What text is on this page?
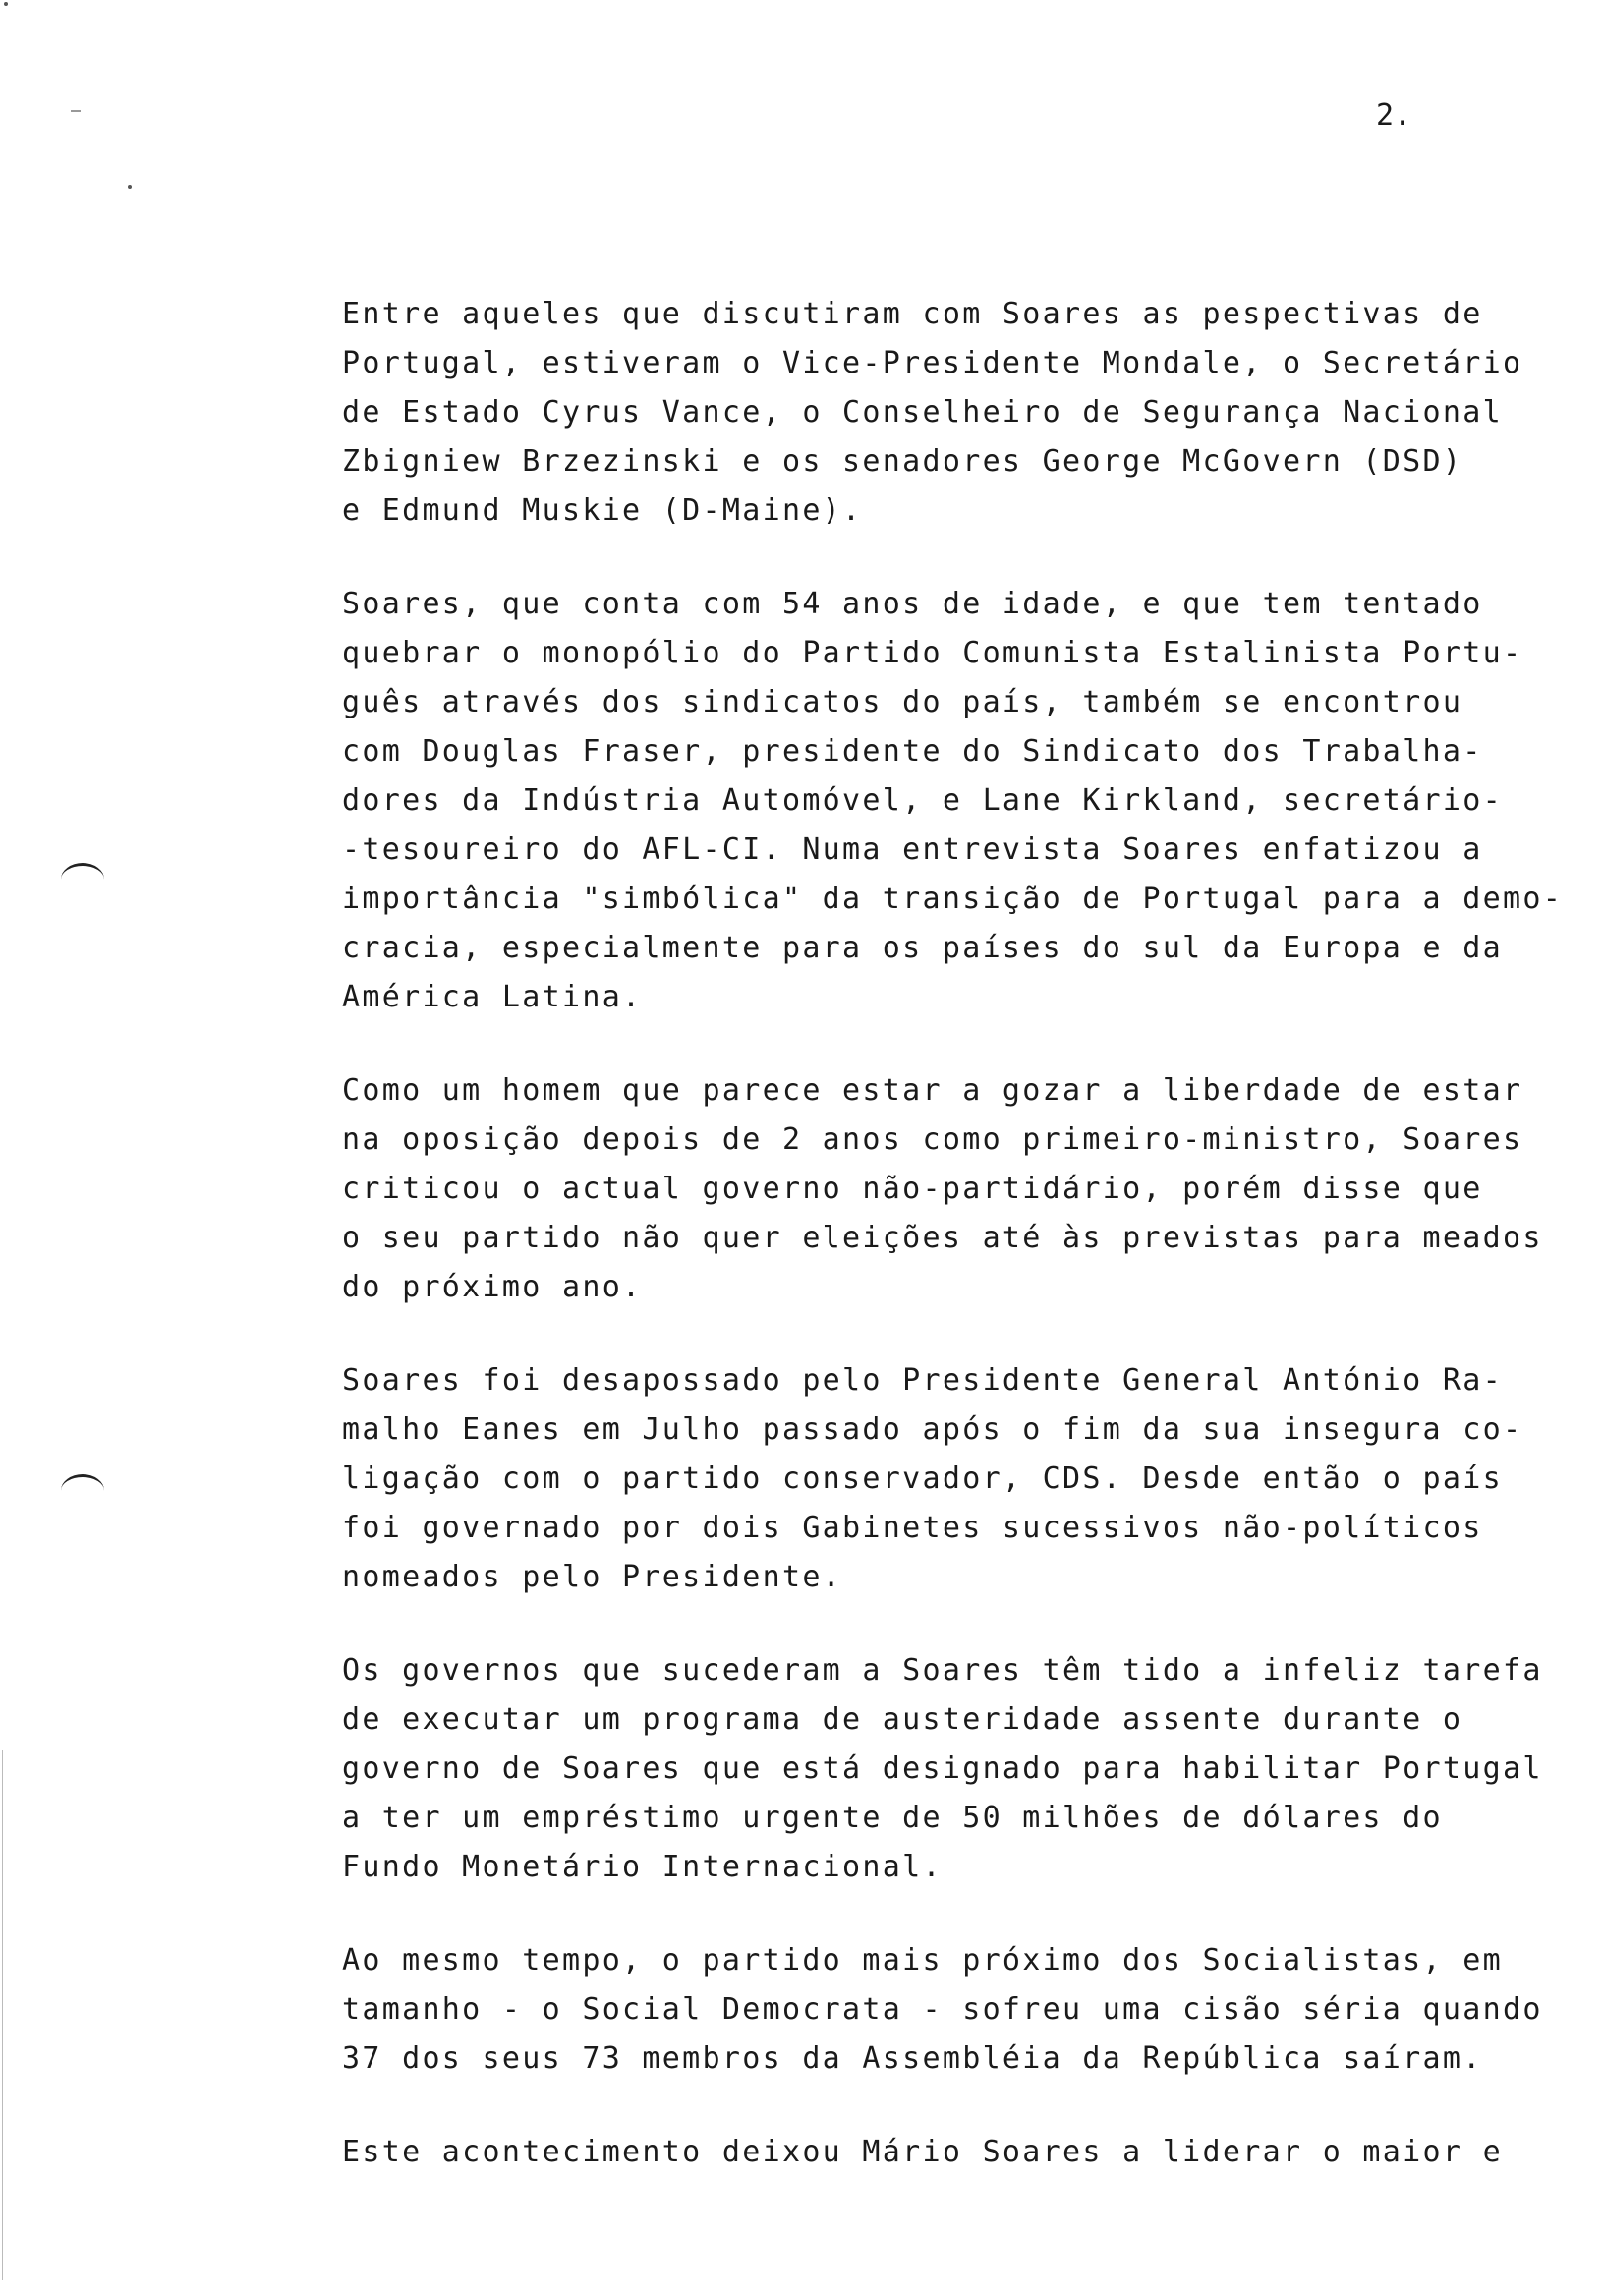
2.
Entre aqueles que discutiram com Soares as pespectivas de
Portugal, estiveram o Vice-Presidente Mondale, o Secretário
de Estado Cyrus Vance, o Conselheiro de Segurança Nacional
Zbigniew Brzezinski e os senadores George McGovern (DSD)
e Edmund Muskie (D-Maine).
Soares, que conta com 54 anos de idade, e que tem tentado
quebrar o monopólio do Partido Comunista Estalinista Portu-
guês através dos sindicatos do país, também se encontrou
com Douglas Fraser, presidente do Sindicato dos Trabalha-
dores da Indústria Automóvel, e Lane Kirkland, secretário-
-tesoureiro do AFL-CI. Numa entrevista Soares enfatizou a
importância "simbólica" da transição de Portugal para a demo-
cracia, especialmente para os países do sul da Europa e da
América Latina.
Como um homem que parece estar a gozar a liberdade de estar
na oposição depois de 2 anos como primeiro-ministro, Soares
criticou o actual governo não-partidário, porém disse que
o seu partido não quer eleições até às previstas para meados
do próximo ano.
Soares foi desapossado pelo Presidente General António Ra-
malho Eanes em Julho passado após o fim da sua insegura co-
ligação com o partido conservador, CDS. Desde então o país
foi governado por dois Gabinetes sucessivos não-políticos
nomeados pelo Presidente.
Os governos que sucederam a Soares têm tido a infeliz tarefa
de executar um programa de austeridade assente durante o
governo de Soares que está designado para habilitar Portugal
a ter um empréstimo urgente de 50 milhões de dólares do
Fundo Monetário Internacional.
Ao mesmo tempo, o partido mais próximo dos Socialistas, em
tamanho - o Social Democrata - sofreu uma cisão séria quando
37 dos seus 73 membros da Assembléia da República saíram.
Este acontecimento deixou Mário Soares a liderar o maior e
